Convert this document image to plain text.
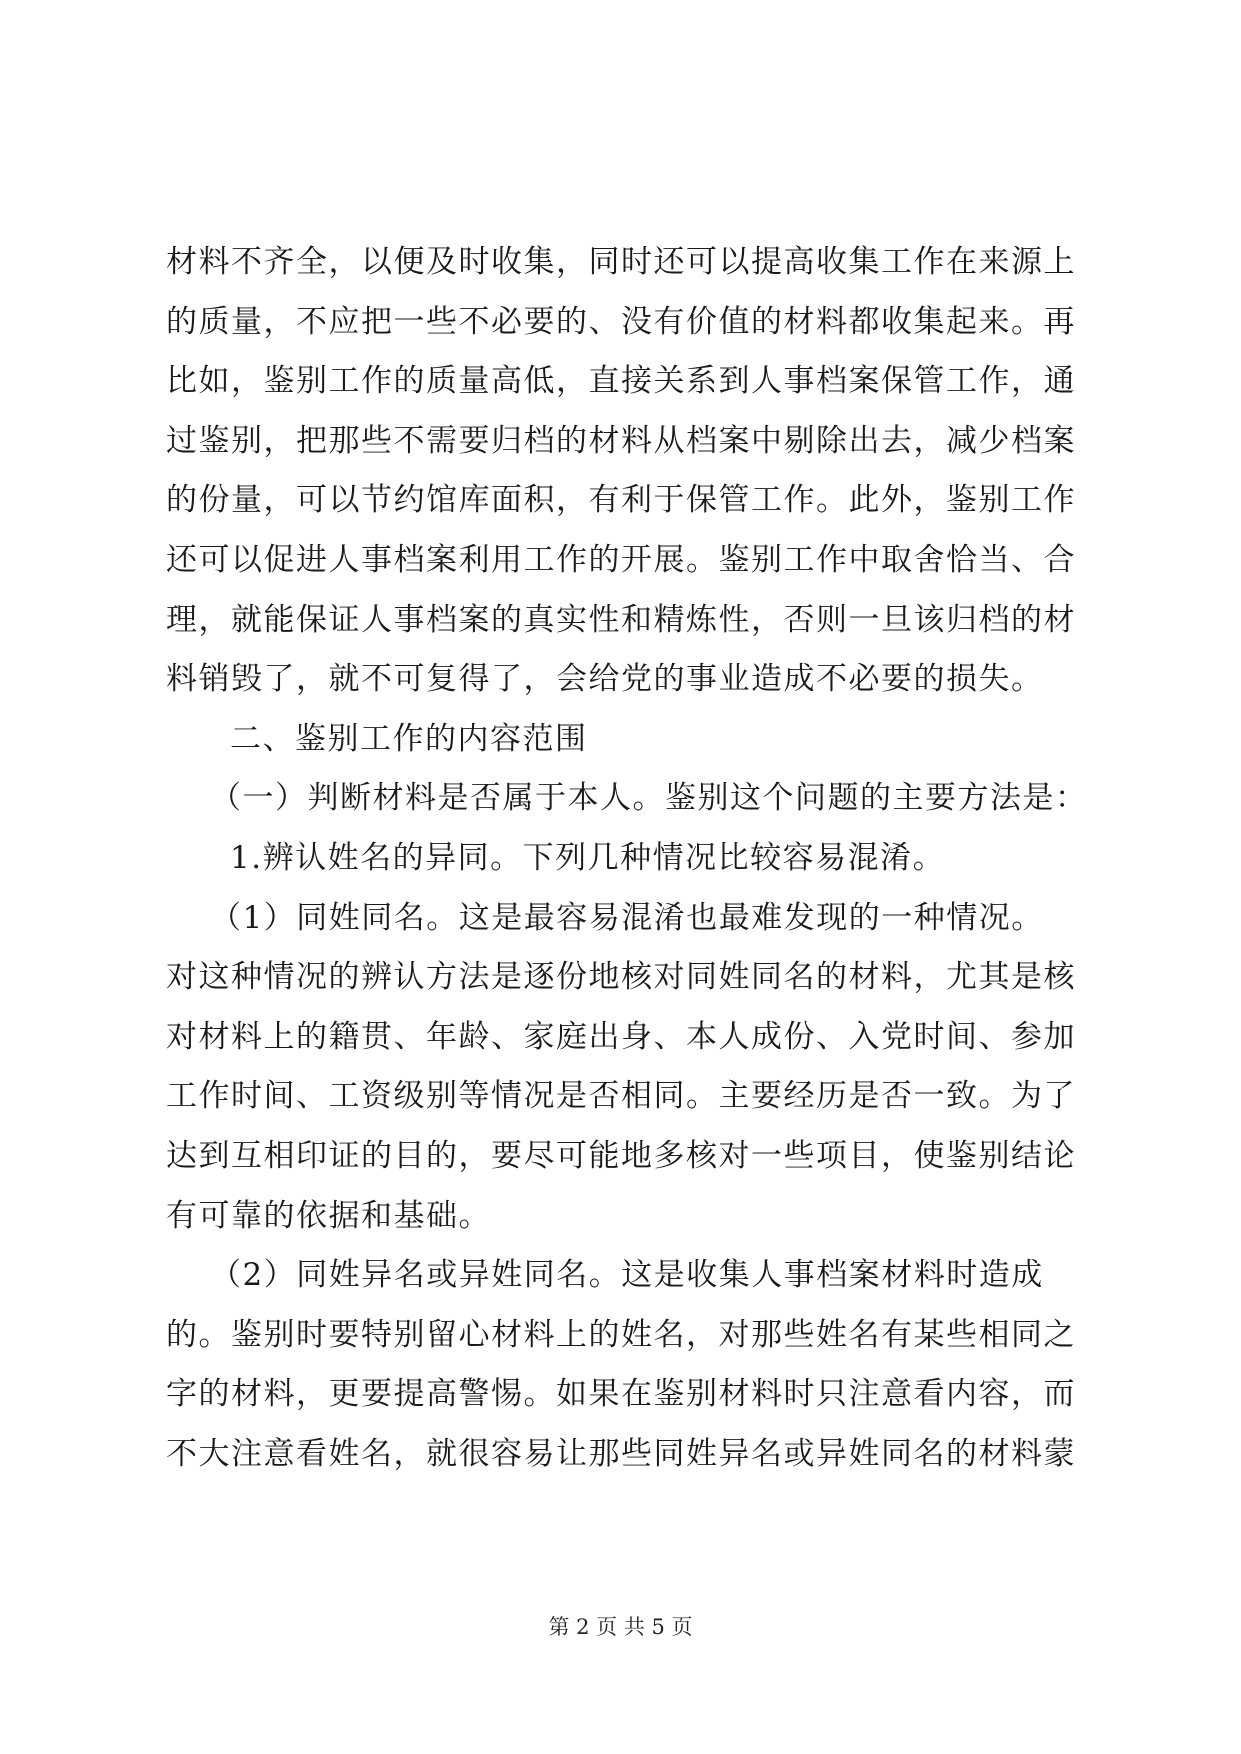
材料不齐全，以便及时收集，同时还可以提高收集工作在来源上
的质量，不应把一些不必要的、没有价值的材料都收集起来。再
比如，鉴别工作的质量高低，直接关系到人事档案保管工作，通
过鉴别，把那些不需要归档的材料从档案中剔除出去，减少档案
的份量，可以节约馆库面积，有利于保管工作。此外，鉴别工作
还可以促进人事档案利用工作的开展。鉴别工作中取舍恰当、合
理，就能保证人事档案的真实性和精炼性，否则一旦该归档的材
料销毁了，就不可复得了，会给党的事业造成不必要的损失。
二、鉴别工作的内容范围
（一）判断材料是否属于本人。鉴别这个问题的主要方法是：
1.辨认姓名的异同。下列几种情况比较容易混淆。
（1）同姓同名。这是最容易混淆也最难发现的一种情况。
对这种情况的辨认方法是逐份地核对同姓同名的材料，尤其是核
对材料上的籍贯、年龄、家庭出身、本人成份、入党时间、参加
工作时间、工资级别等情况是否相同。主要经历是否一致。为了
达到互相印证的目的，要尽可能地多核对一些项目，使鉴别结论
有可靠的依据和基础。
（2）同姓异名或异姓同名。这是收集人事档案材料时造成
的。鉴别时要特别留心材料上的姓名，对那些姓名有某些相同之
字的材料，更要提高警惕。如果在鉴别材料时只注意看内容，而
不大注意看姓名，就很容易让那些同姓异名或异姓同名的材料蒙
第 2 页 共 5 页
